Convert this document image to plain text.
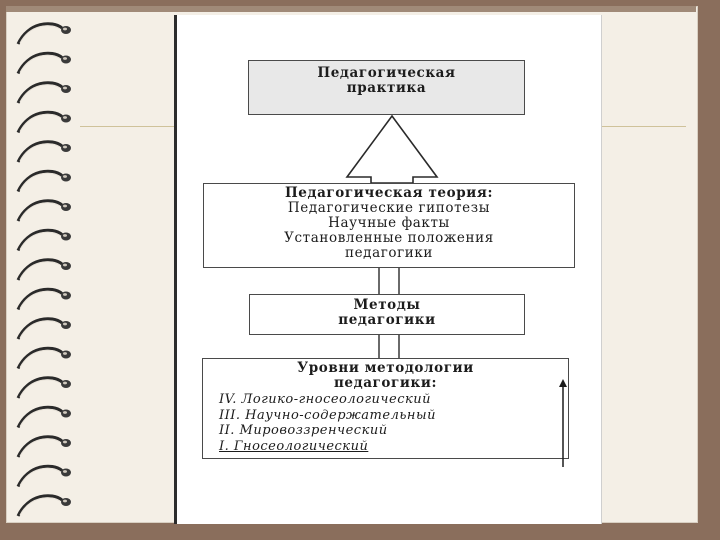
Педагогическая
практика
Педагогическая теория:
Педагогические гипотезы
Научные факты
Установленные положения
педагогики
Методы
педагогики
Уровни методологии
педагогики:
IV. Логико-гносеологический
III. Научно-содержательный
II. Мировоззренческий
I. Гносеологический
